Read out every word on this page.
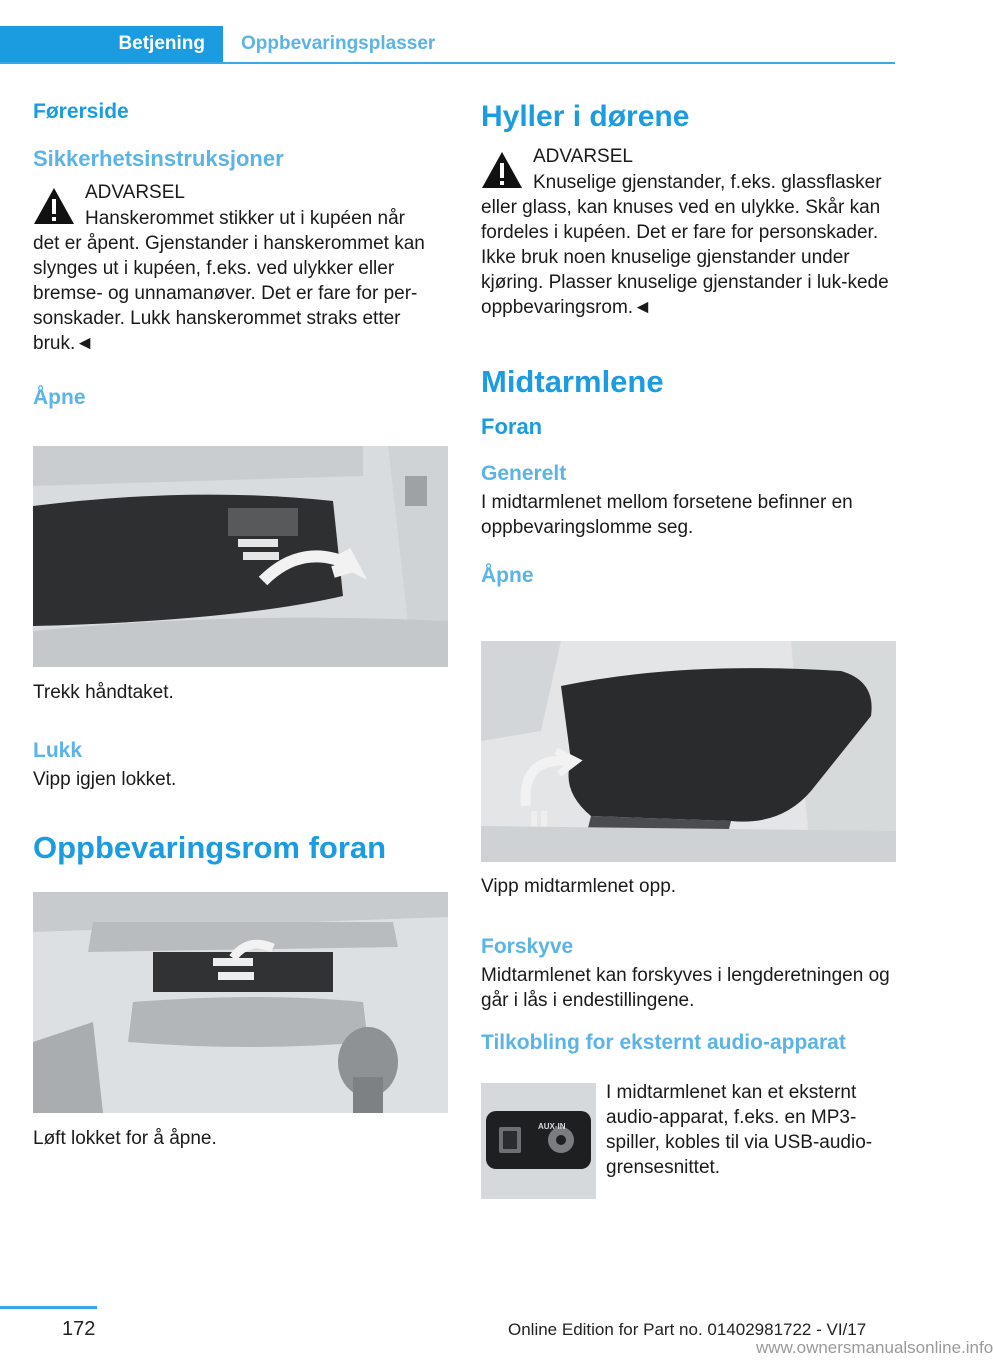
Betjening	Oppbevaringsplasser
Førerside
Sikkerhetsinstruksjoner
ADVARSEL

Hanskerommet stikker ut i kupéen når

det er åpent. Gjenstander i hanskerommet kan slynges ut i kupéen, f.eks. ved ulykker eller bremse- og unnamanøver. Det er fare for per-sonskader. Lukk hanskerommet straks etter bruk.◄

Åpne

Trekk håndtaket.

Lukk

Vipp igjen lokket.

Oppbevaringsrom foran

Løft lokket for å åpne.

Hyller i dørene
ADVARSEL

Knuselige gjenstander, f.eks. glassflasker

eller glass, kan knuses ved en ulykke. Skår kan fordeles i kupéen. Det er fare for personskader. Ikke bruk noen knuselige gjenstander under kjøring. Plasser knuselige gjenstander i luk-kede oppbevaringsrom.◄

Midtarmlene
Foran
Generelt

I midtarmlenet mellom forsetene befinner en oppbevaringslomme seg.

Åpne

Vipp midtarmlenet opp.

Forskyve

Midtarmlenet kan forskyves i lengderetningen og går i lås i endestillingene.

Tilkobling for eksternt audio-apparat
AUX-IN

I midtarmlenet kan et eksternt audio-apparat, f.eks. en MP3-spiller, kobles til via USB-audio-grensesnittet.

172	Online Edition for Part no. 01402981722 - VI/17
www.ownersmanualsonline.info
